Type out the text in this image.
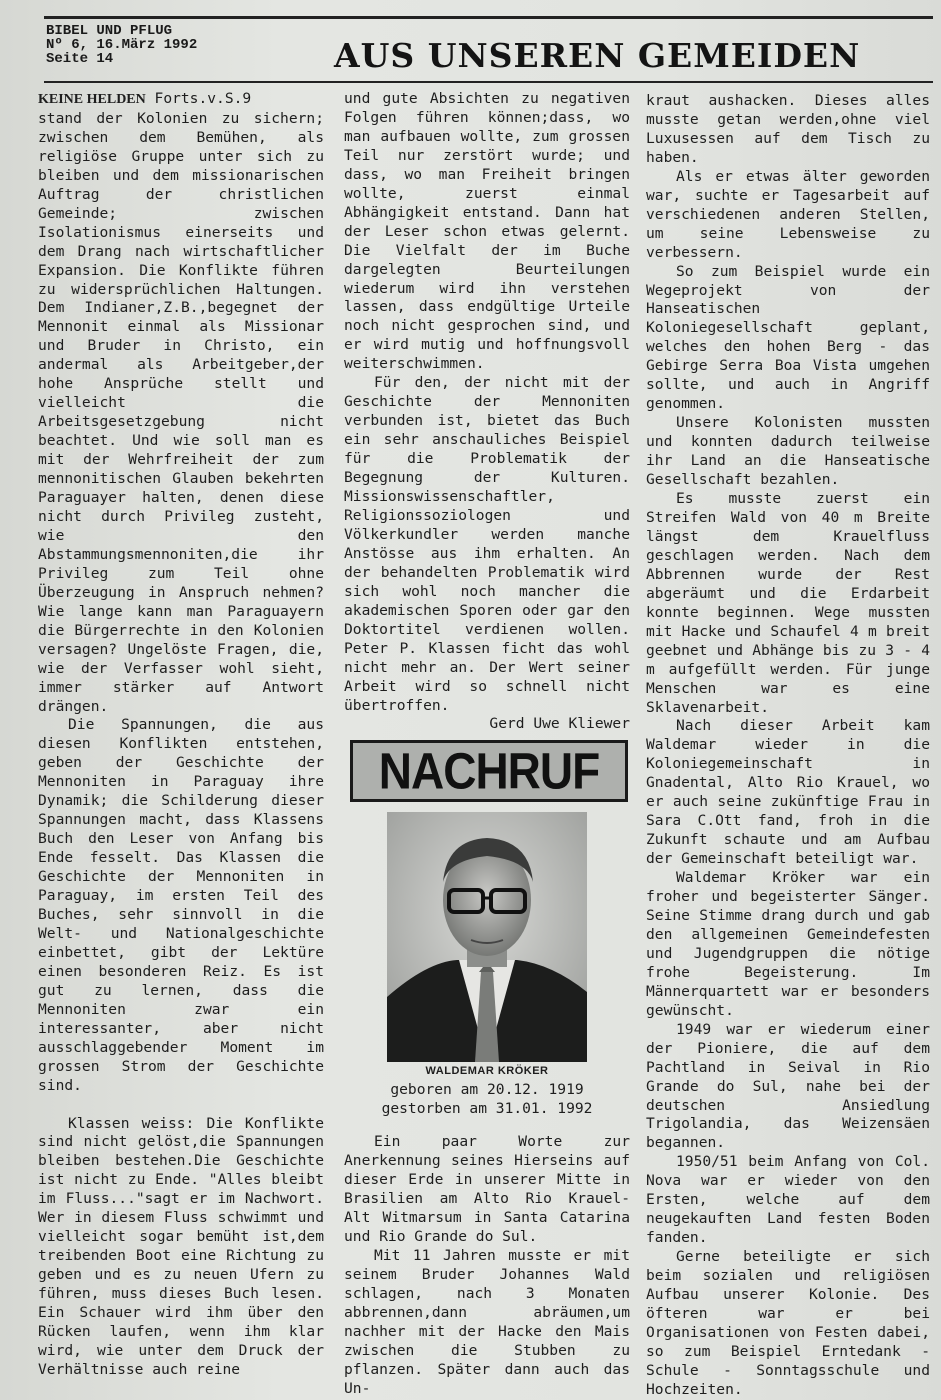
BIBEL UND PFLUG
Nº 6, 16.März 1992
Seite 14	AUS UNSEREN GEMEIDEN

KEINE HELDEN Forts.v.S.9

stand der Kolonien zu sichern; zwischen dem Bemühen, als religiöse Gruppe unter sich zu bleiben und dem missionarischen Auftrag der christlichen Gemeinde; zwischen Isolationismus einerseits und dem Drang nach wirtschaftlicher Expansion. Die Konflikte führen zu widersprüchlichen Haltungen. Dem Indianer,Z.B.,begegnet der Mennonit einmal als Missionar und Bruder in Christo, ein andermal als Arbeitgeber,der hohe Ansprüche stellt und vielleicht die Arbeitsgesetzgebung nicht beachtet. Und wie soll man es mit der Wehrfreiheit der zum mennonitischen Glauben bekehrten Paraguayer halten, denen diese nicht durch Privileg zusteht, wie den Abstammungsmennoniten,die ihr Privileg zum Teil ohne Überzeugung in Anspruch nehmen? Wie lange kann man Paraguayern die Bürgerrechte in den Kolonien versagen? Ungelöste Fragen, die, wie der Verfasser wohl sieht, immer stärker auf Antwort drängen.

Die Spannungen, die aus diesen Konflikten entstehen, geben der Geschichte der Mennoniten in Paraguay ihre Dynamik; die Schilderung dieser Spannungen macht, dass Klassens Buch den Leser von Anfang bis Ende fesselt. Das Klassen die Geschichte der Mennoniten in Paraguay, im ersten Teil des Buches, sehr sinnvoll in die Welt- und Nationalgeschichte einbettet, gibt der Lektüre einen besonderen Reiz. Es ist gut zu lernen, dass die Mennoniten zwar ein interessanter, aber nicht ausschlaggebender Moment im grossen Strom der Geschichte sind.

Klassen weiss: Die Konflikte sind nicht gelöst,die Spannungen bleiben bestehen.Die Geschichte ist nicht zu Ende. "Alles bleibt im Fluss..."sagt er im Nachwort. Wer in diesem Fluss schwimmt und vielleicht sogar bemüht ist,dem treibenden Boot eine Richtung zu geben und es zu neuen Ufern zu führen, muss dieses Buch lesen. Ein Schauer wird ihm über den Rücken laufen, wenn ihm klar wird, wie unter dem Druck der Verhältnisse auch reine

und gute Absichten zu negativen Folgen führen können;dass, wo man aufbauen wollte, zum grossen Teil nur zerstört wurde; und dass, wo man Freiheit bringen wollte, zuerst einmal Abhängigkeit entstand. Dann hat der Leser schon etwas gelernt. Die Vielfalt der im Buche dargelegten Beurteilungen wiederum wird ihn verstehen lassen, dass endgültige Urteile noch nicht gesprochen sind, und er wird mutig und hoffnungsvoll weiterschwimmen.

Für den, der nicht mit der Geschichte der Mennoniten verbunden ist, bietet das Buch ein sehr anschauliches Beispiel für die Problematik der Begegnung der Kulturen. Missionswissenschaftler, Religionssoziologen und Völkerkundler werden manche Anstösse aus ihm erhalten. An der behandelten Problematik wird sich wohl noch mancher die akademischen Sporen oder gar den Doktortitel verdienen wollen. Peter P. Klassen ficht das wohl nicht mehr an. Der Wert seiner Arbeit wird so schnell nicht übertroffen.

Gerd Uwe Kliewer

NACHRUF

WALDEMAR KRÖKER

geboren am 20.12. 1919

gestorben am 31.01. 1992

Ein paar Worte zur Anerkennung seines Hierseins auf dieser Erde in unserer Mitte in Brasilien am Alto Rio Krauel- Alt Witmarsum in Santa Catarina und Rio Grande do Sul.

Mit 11 Jahren musste er mit seinem Bruder Johannes Wald schlagen, nach 3 Monaten abbrennen,dann abräumen,um nachher mit der Hacke den Mais zwischen die Stubben zu pflanzen. Später dann auch das Un-

kraut aushacken. Dieses alles musste getan werden,ohne viel Luxusessen auf dem Tisch zu haben.

Als er etwas älter geworden war, suchte er Tagesarbeit auf verschiedenen anderen Stellen, um seine Lebensweise zu verbessern.

So zum Beispiel wurde ein Wegeprojekt von der Hanseatischen Koloniegesellschaft geplant, welches den hohen Berg - das Gebirge Serra Boa Vista umgehen sollte, und auch in Angriff genommen.

Unsere Kolonisten mussten und konnten dadurch teilweise ihr Land an die Hanseatische Gesellschaft bezahlen.

Es musste zuerst ein Streifen Wald von 40 m Breite längst dem Krauelfluss geschlagen werden. Nach dem Abbrennen wurde der Rest abgeräumt und die Erdarbeit konnte beginnen. Wege mussten mit Hacke und Schaufel 4 m breit geebnet und Abhänge bis zu 3 - 4 m aufgefüllt werden. Für junge Menschen war es eine Sklavenarbeit.

Nach dieser Arbeit kam Waldemar wieder in die Koloniegemeinschaft in Gnadental, Alto Rio Krauel, wo er auch seine zukünftige Frau in Sara C.Ott fand, froh in die Zukunft schaute und am Aufbau der Gemeinschaft beteiligt war.

Waldemar Kröker war ein froher und begeisterter Sänger. Seine Stimme drang durch und gab den allgemeinen Gemeindefesten und Jugendgruppen die nötige frohe Begeisterung. Im Männerquartett war er besonders gewünscht.

1949 war er wiederum einer der Pioniere, die auf dem Pachtland in Seival in Rio Grande do Sul, nahe bei der deutschen Ansiedlung Trigolandia, das Weizensäen begannen.

1950/51 beim Anfang von Col. Nova war er wieder von den Ersten, welche auf dem neugekauften Land festen Boden fanden.

Gerne beteiligte er sich beim sozialen und religiösen Aufbau unserer Kolonie. Des öfteren war er bei Organisationen von Festen dabei, so zum Beispiel Erntedank - Schule - Sonntagsschule und Hochzeiten.
